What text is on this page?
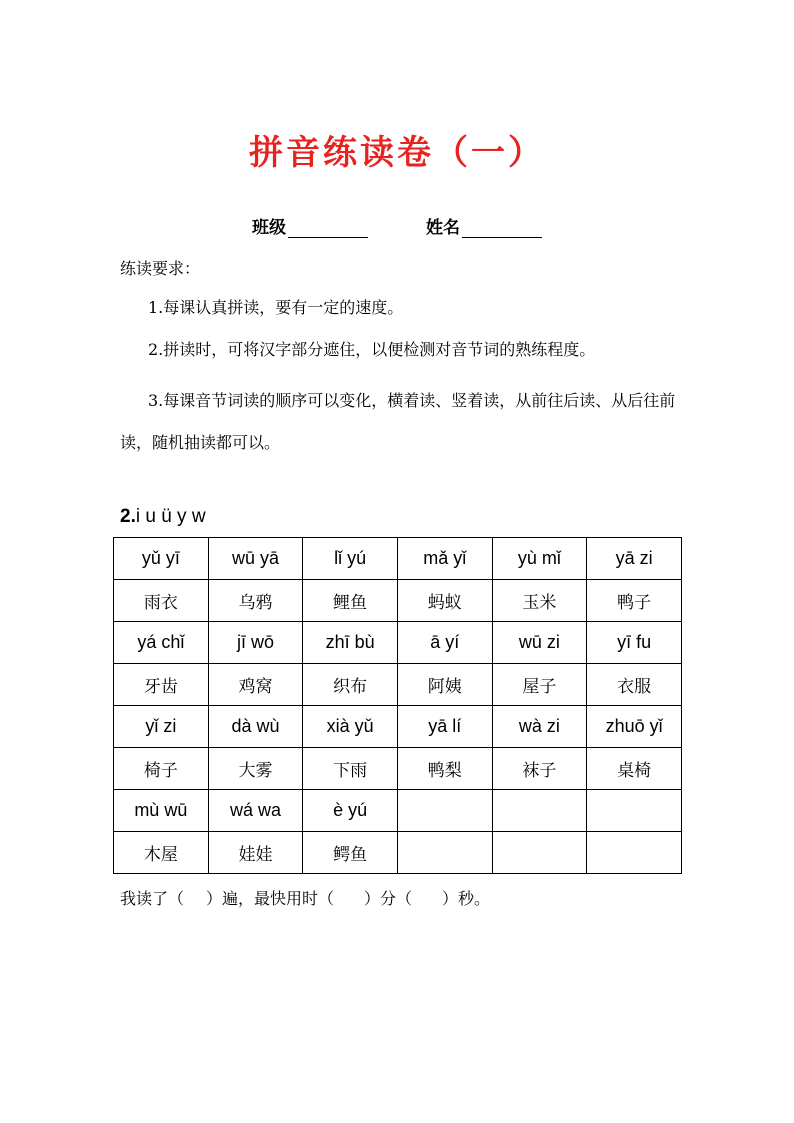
拼音练读卷（一）
班级	姓名
练读要求：
1.每课认真拼读，要有一定的速度。
2.拼读时，可将汉字部分遮住，以便检测对音节词的熟练程度。
3.每课音节词读的顺序可以变化，横着读、竖着读，从前往后读、从后往前读，随机抽读都可以。
2.i u ü y w
yǔ yī	wū yā	lǐ yú	mǎ yǐ	yù mǐ	yā zi
雨衣	乌鸦	鲤鱼	蚂蚁	玉米	鸭子
yá chǐ	jī wō	zhī bù	ā yí	wū zi	yī fu
牙齿	鸡窝	织布	阿姨	屋子	衣服
yǐ zi	dà wù	xià yǔ	yā lí	wà zi	zhuō yǐ
椅子	大雾	下雨	鸭梨	袜子	桌椅
mù wū	wá wa	è yú			
木屋	娃娃	鳄鱼			
我读了（ ）遍，最快用时（ ）分（ ）秒。
